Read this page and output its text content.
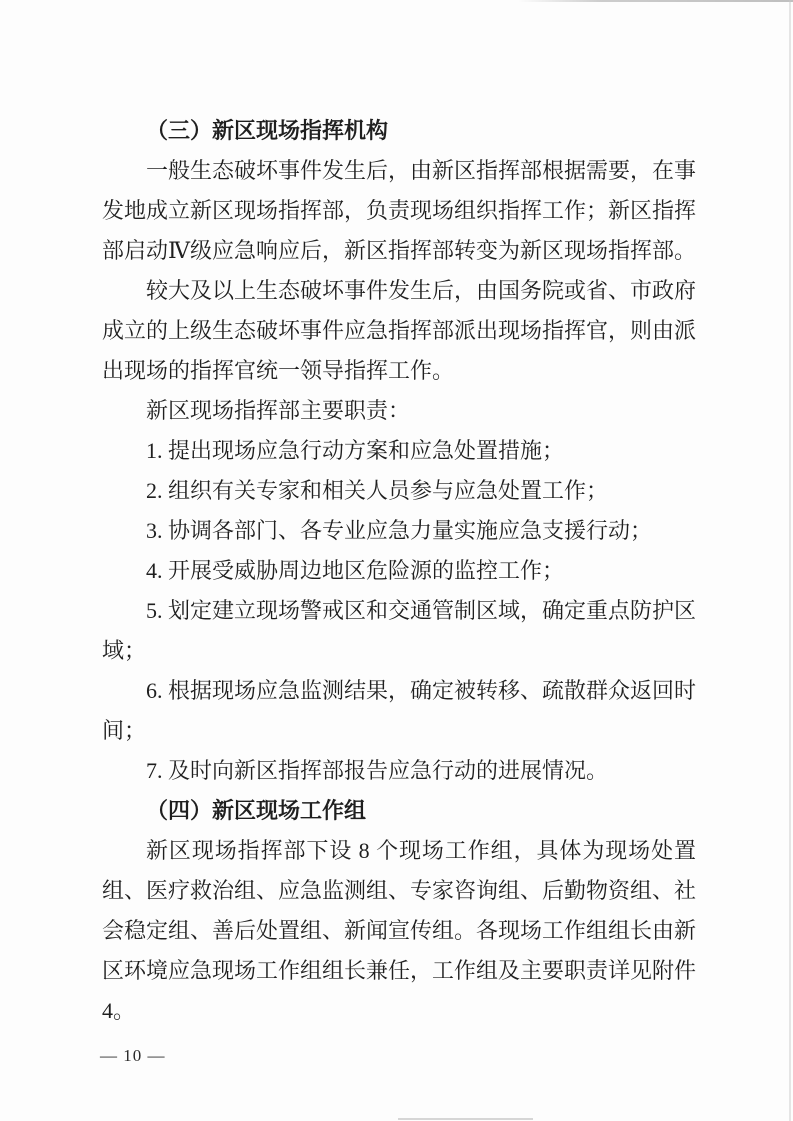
（三）新区现场指挥机构

一般生态破坏事件发生后，由新区指挥部根据需要，在事发地成立新区现场指挥部，负责现场组织指挥工作；新区指挥部启动Ⅳ级应急响应后，新区指挥部转变为新区现场指挥部。

较大及以上生态破坏事件发生后，由国务院或省、市政府成立的上级生态破坏事件应急指挥部派出现场指挥官，则由派出现场的指挥官统一领导指挥工作。

新区现场指挥部主要职责：

1. 提出现场应急行动方案和应急处置措施；

2. 组织有关专家和相关人员参与应急处置工作；

3. 协调各部门、各专业应急力量实施应急支援行动；

4. 开展受威胁周边地区危险源的监控工作；

5. 划定建立现场警戒区和交通管制区域，确定重点防护区域；

6. 根据现场应急监测结果，确定被转移、疏散群众返回时间；

7. 及时向新区指挥部报告应急行动的进展情况。

（四）新区现场工作组

新区现场指挥部下设 8 个现场工作组，具体为现场处置组、医疗救治组、应急监测组、专家咨询组、后勤物资组、社会稳定组、善后处置组、新闻宣传组。各现场工作组组长由新区环境应急现场工作组组长兼任，工作组及主要职责详见附件 4。

— 10 —
